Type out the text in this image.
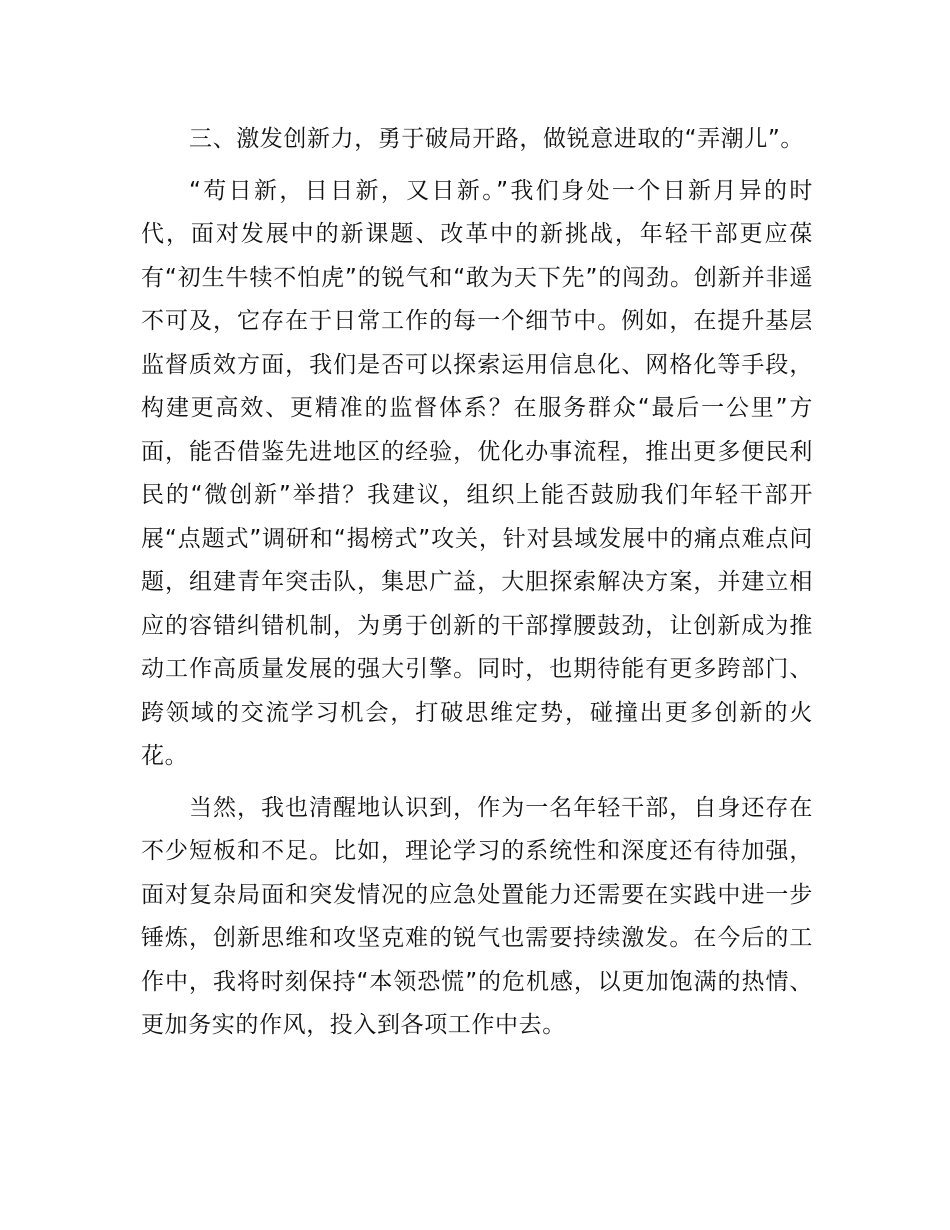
三、激发创新力，勇于破局开路，做锐意进取的“弄潮儿”。

“苟日新，日日新，又日新。”我们身处一个日新月异的时代，面对发展中的新课题、改革中的新挑战，年轻干部更应葆有“初生牛犊不怕虎”的锐气和“敢为天下先”的闯劲。创新并非遥不可及，它存在于日常工作的每一个细节中。例如，在提升基层监督质效方面，我们是否可以探索运用信息化、网格化等手段，构建更高效、更精准的监督体系？在服务群众“最后一公里”方面，能否借鉴先进地区的经验，优化办事流程，推出更多便民利民的“微创新”举措？我建议，组织上能否鼓励我们年轻干部开展“点题式”调研和“揭榜式”攻关，针对县域发展中的痛点难点问题，组建青年突击队，集思广益，大胆探索解决方案，并建立相应的容错纠错机制，为勇于创新的干部撑腰鼓劲，让创新成为推动工作高质量发展的强大引擎。同时，也期待能有更多跨部门、跨领域的交流学习机会，打破思维定势，碰撞出更多创新的火花。

当然，我也清醒地认识到，作为一名年轻干部，自身还存在不少短板和不足。比如，理论学习的系统性和深度还有待加强，面对复杂局面和突发情况的应急处置能力还需要在实践中进一步锤炼，创新思维和攻坚克难的锐气也需要持续激发。在今后的工作中，我将时刻保持“本领恐慌”的危机感，以更加饱满的热情、更加务实的作风，投入到各项工作中去。
